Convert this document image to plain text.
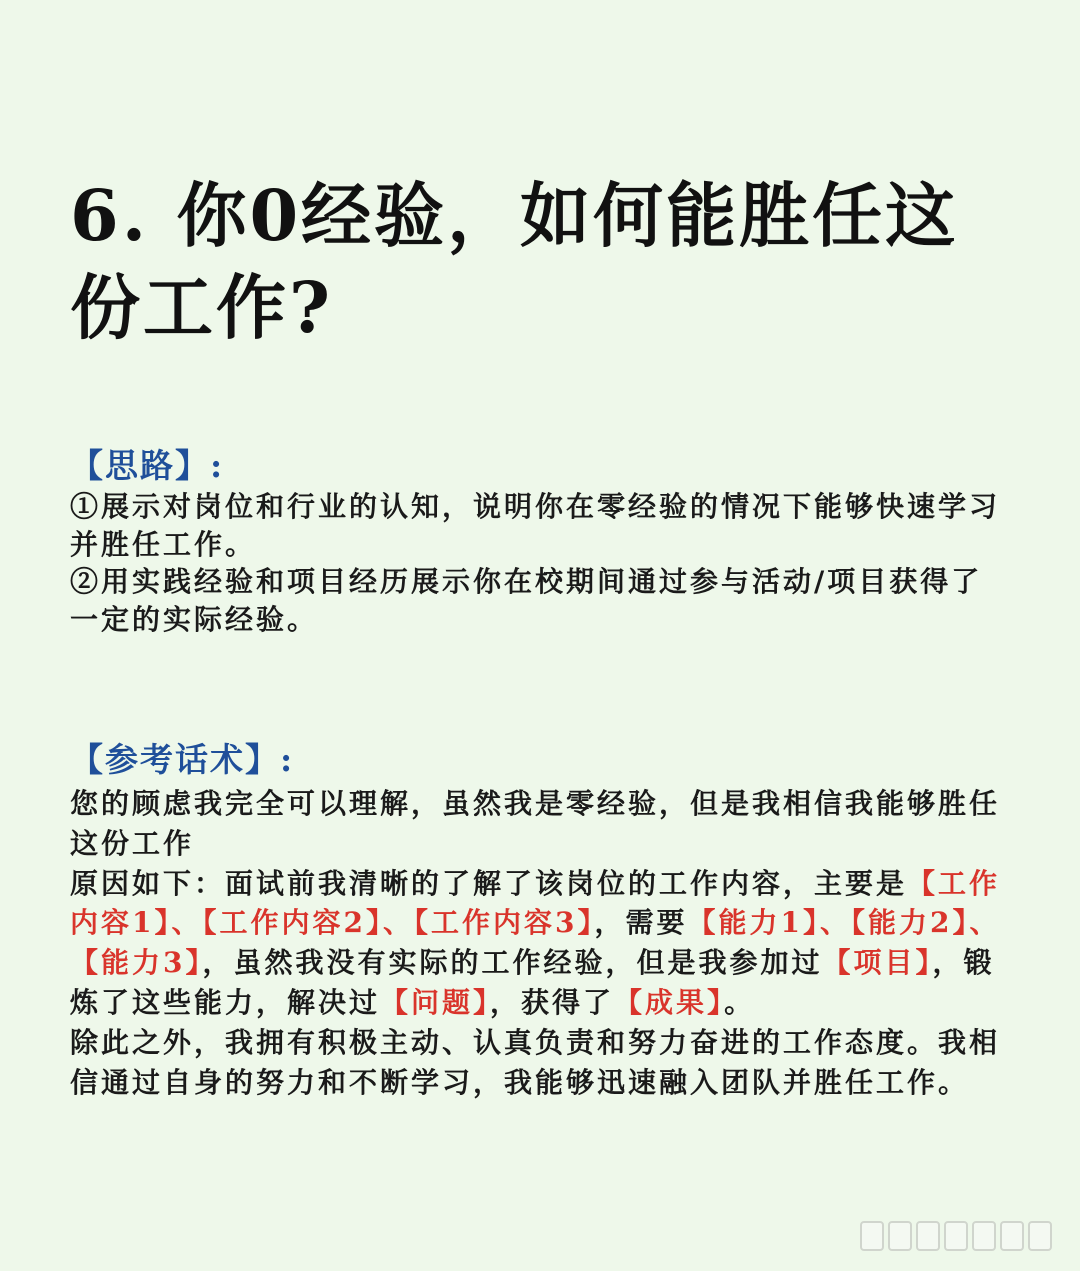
6. 你0经验，如何能胜任这份工作?
【思路】:

①展示对岗位和行业的认知，说明你在零经验的情况下能够快速学习并胜任工作。

②用实践经验和项目经历展示你在校期间通过参与活动/项目获得了一定的实际经验。

【参考话术】:

您的顾虑我完全可以理解，虽然我是零经验，但是我相信我能够胜任这份工作

原因如下：面试前我清晰的了解了该岗位的工作内容，主要是【工作内容1】、【工作内容2】、【工作内容3】，需要【能力1】、【能力2】、【能力3】，虽然我没有实际的工作经验，但是我参加过【项目】，锻炼了这些能力，解决过【问题】，获得了【成果】。

除此之外，我拥有积极主动、认真负责和努力奋进的工作态度。我相信通过自身的努力和不断学习，我能够迅速融入团队并胜任工作。
